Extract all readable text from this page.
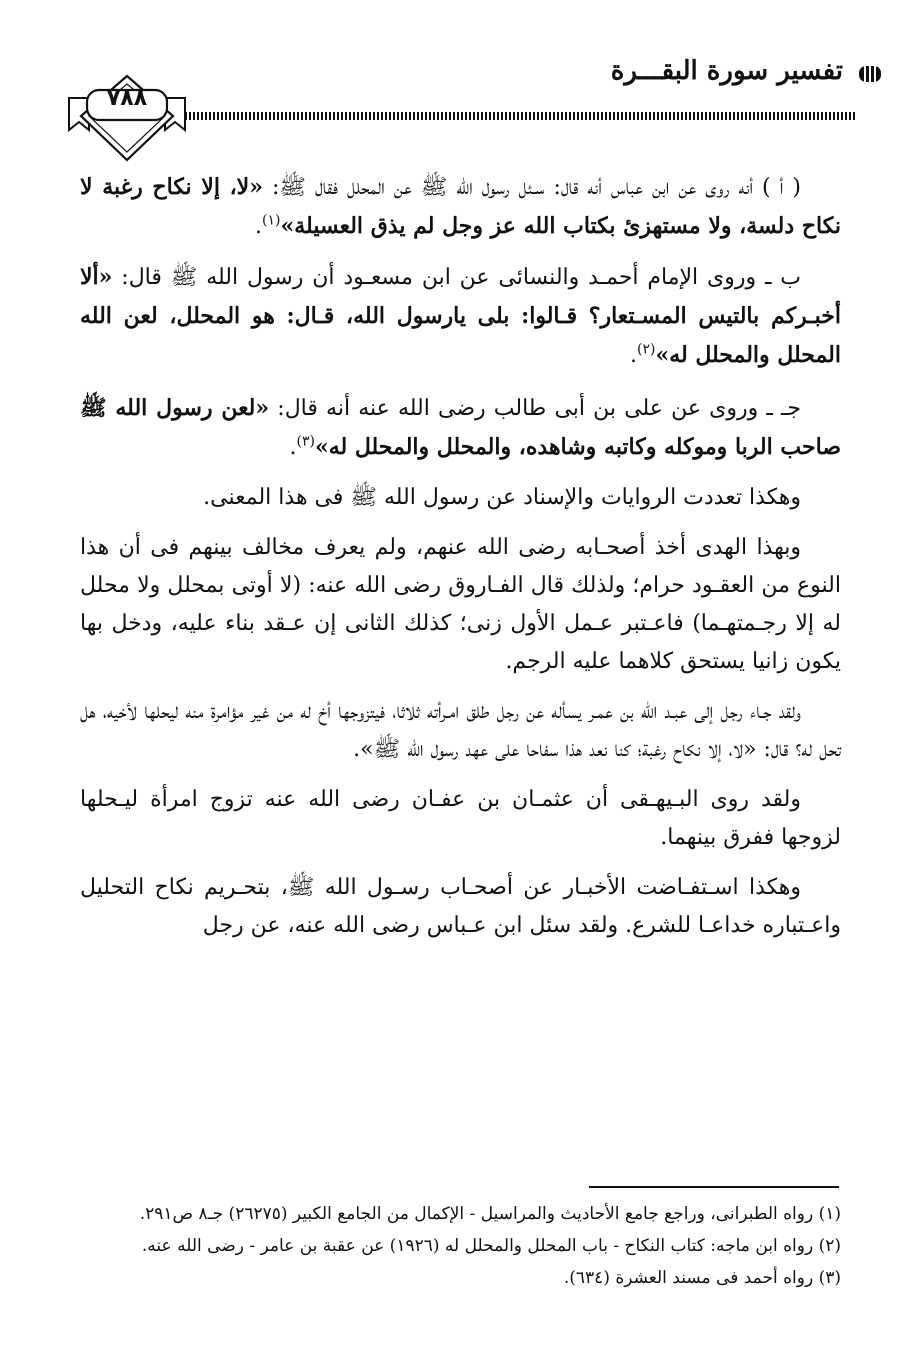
تفسير سورة البقـــرة
٧٨٨

( أ ) أنه روى عن ابن عباس أنه قال: سـئل رسول الله ﷺ عن المحلل فقال ﷺ: «لا، إلا نكاح رغبة لا نكاح دلسة، ولا مستهزئ بكتاب الله عز وجل لم يذق العسيلة»$^{(١)}$.

ب ـ وروى الإمام أحمـد والنسائى عن ابن مسعـود أن رسول الله ﷺ قال: «ألا أخبـركم بالتيس المسـتعار؟ قـالوا: بلى يارسول الله، قـال: هو المحلل، لعن الله المحلل والمحلل له»$^{(٢)}$.

جـ ـ وروى عن على بن أبى طالب رضى الله عنه أنه قال: «لعن رسول الله ﷺ صاحب الربا وموكله وكاتبه وشاهده، والمحلل والمحلل له»$^{(٣)}$.

وهكذا تعددت الروايات والإسناد عن رسول الله ﷺ فى هذا المعنى.

وبهذا الهدى أخذ أصحـابه رضى الله عنهم، ولم يعرف مخالف بينهم فى أن هذا النوع من العقـود حرام؛ ولذلك قال الفـاروق رضى الله عنه: (لا أوتى بمحلل ولا محلل له إلا رجـمتهـما) فاعـتبر عـمل الأول زنى؛ كذلك الثانى إن عـقد بناء عليه، ودخل بها يكون زانيا يستحق كلاهما عليه الرجم.

ولقد جـاء رجل إلى عبـد الله بن عمـر يسأله عن رجل طلق امـرأته ثلاثا، فيتزوجها أخ له من غير مؤامرة منه ليحلها لأخيه، هل تحل له؟ قال: «لا، إلا نكاح رغبة؛ كنا نعد هذا سفاحا على عهد رسول الله ﷺ».

ولقد روى البـيهـقى أن عثمـان بن عفـان رضى الله عنه تزوج امرأة ليـحلها لزوجها ففرق بينهما.

وهكذا اسـتفـاضت الأخبـار عن أصحـاب رسـول الله ﷺ، بتحـريم نكاح التحليل واعـتباره خداعـا للشرع. ولقد سئل ابن عـباس رضى الله عنه، عن رجل

(١) رواه الطبرانى، وراجع جامع الأحاديث والمراسيل - الإكمال من الجامع الكبير (٢٦٢٧٥) جـ٨ ص٢٩١.

(٢) رواه ابن ماجه: كتاب النكاح - باب المحلل والمحلل له (١٩٢٦) عن عقبة بن عامر - رضى الله عنه.

(٣) رواه أحمد فى مسند العشرة (٦٣٤).
